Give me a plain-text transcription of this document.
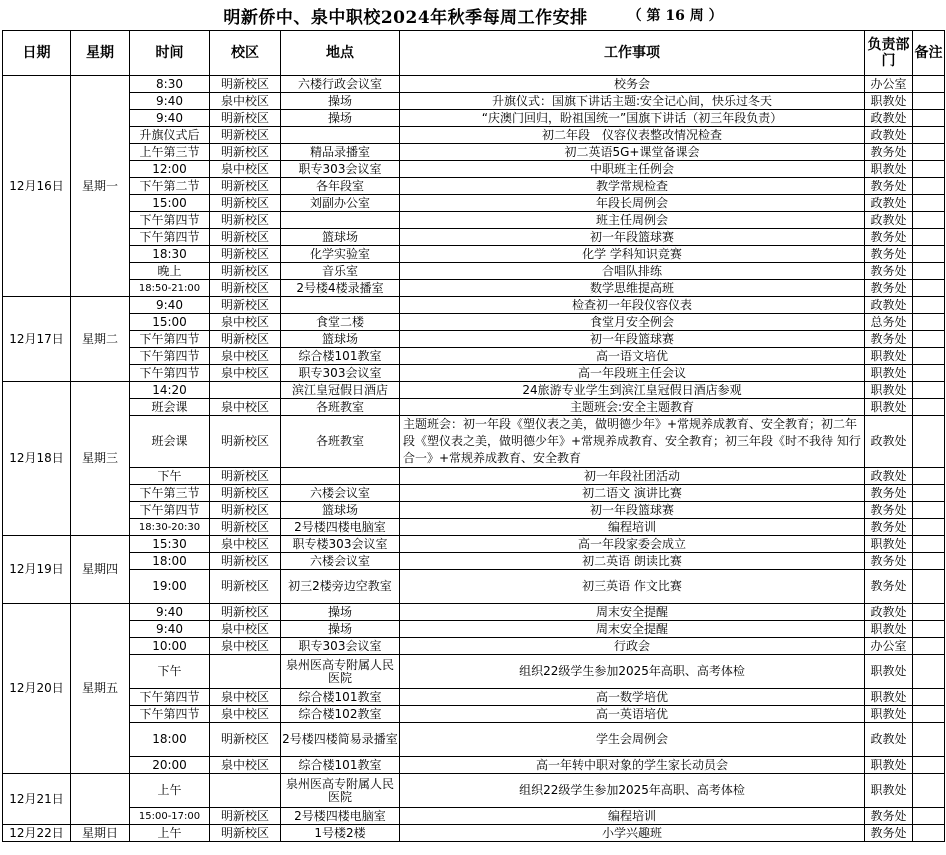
明新侨中、泉中职校2024年秋季每周工作安排	（ 第 16 周 ）
日期	星期	时间	校区	地点	工作事项	负责部门	备注
12月16日	星期一	8:30	明新校区	六楼行政会议室	校务会	办公室	
		9:40	泉中校区	操场	升旗仪式：国旗下讲话主题:安全记心间，快乐过冬天	职教处	
		9:40	明新校区	操场	“庆澳门回归，盼祖国统一”国旗下讲话（初三年段负责）	政教处	
		升旗仪式后	明新校区		初二年段　仪容仪表整改情况检查	政教处	
		上午第三节	明新校区	精品录播室	初二英语5G+课堂备课会	教务处	
		12:00	泉中校区	职专303会议室	中职班主任例会	职教处	
		下午第二节	明新校区	各年段室	教学常规检查	教务处	
		15:00	明新校区	刘副办公室	年段长周例会	政教处	
		下午第四节	明新校区		班主任周例会	政教处	
		下午第四节	明新校区	篮球场	初一年段篮球赛	教务处	
		18:30	明新校区	化学实验室	化学 学科知识竞赛	教务处	
		晚上	明新校区	音乐室	合唱队排练	教务处	
		18:50-21:00	明新校区	2号楼4楼录播室	数学思维提高班	教务处	
12月17日	星期二	9:40	明新校区		检查初一年段仪容仪表	政教处	
		15:00	泉中校区	食堂二楼	食堂月安全例会	总务处	
		下午第四节	明新校区	篮球场	初一年段篮球赛	教务处	
		下午第四节	泉中校区	综合楼101教室	高一语文培优	职教处	
		下午第四节	泉中校区	职专303会议室	高一年段班主任会议	职教处	
12月18日	星期三	14:20		滨江皇冠假日酒店	24旅游专业学生到滨江皇冠假日酒店参观	职教处	
		班会课	泉中校区	各班教室	主题班会:安全主题教育	职教处	
		班会课	明新校区	各班教室	主题班会：初一年段《塑仪表之美，做明德少年》+常规养成教育、安全教育；初二年段《塑仪表之美，做明德少年》+常规养成教育、安全教育；初三年段《时不我待 知行合一》+常规养成教育、安全教育	政教处	

		下午	明新校区		初一年段社团活动	政教处	
		下午第三节	明新校区	六楼会议室	初二语文 演讲比赛	教务处	
		下午第四节	明新校区	篮球场	初一年段篮球赛	教务处	
		18:30-20:30	明新校区	2号楼四楼电脑室	编程培训	教务处	
12月19日	星期四	15:30	泉中校区	职专楼303会议室	高一年段家委会成立	职教处	
		18:00	明新校区	六楼会议室	初二英语 朗读比赛	教务处	
		19:00	明新校区	初三2楼旁边空教室	初三英语 作文比赛	教务处	

12月20日	星期五	9:40	明新校区	操场	周末安全提醒	政教处	
		9:40	泉中校区	操场	周末安全提醒	职教处	
		10:00	泉中校区	职专303会议室	行政会	办公室	
		下午		泉州医高专附属人民医院	组织22级学生参加2025年高职、高考体检	职教处	

		下午第四节	泉中校区	综合楼101教室	高一数学培优	职教处	
		下午第四节	泉中校区	综合楼102教室	高一英语培优	职教处	
		18:00	明新校区	2号楼四楼简易录播室	学生会周例会	政教处	

		20:00	泉中校区	综合楼101教室	高一年转中职对象的学生家长动员会	职教处	
12月21日		上午		泉州医高专附属人民医院	组织22级学生参加2025年高职、高考体检	职教处	

		15:00-17:00	明新校区	2号楼四楼电脑室	编程培训	教务处	
12月22日	星期日	上午	明新校区	1号楼2楼	小学兴趣班	教务处	
